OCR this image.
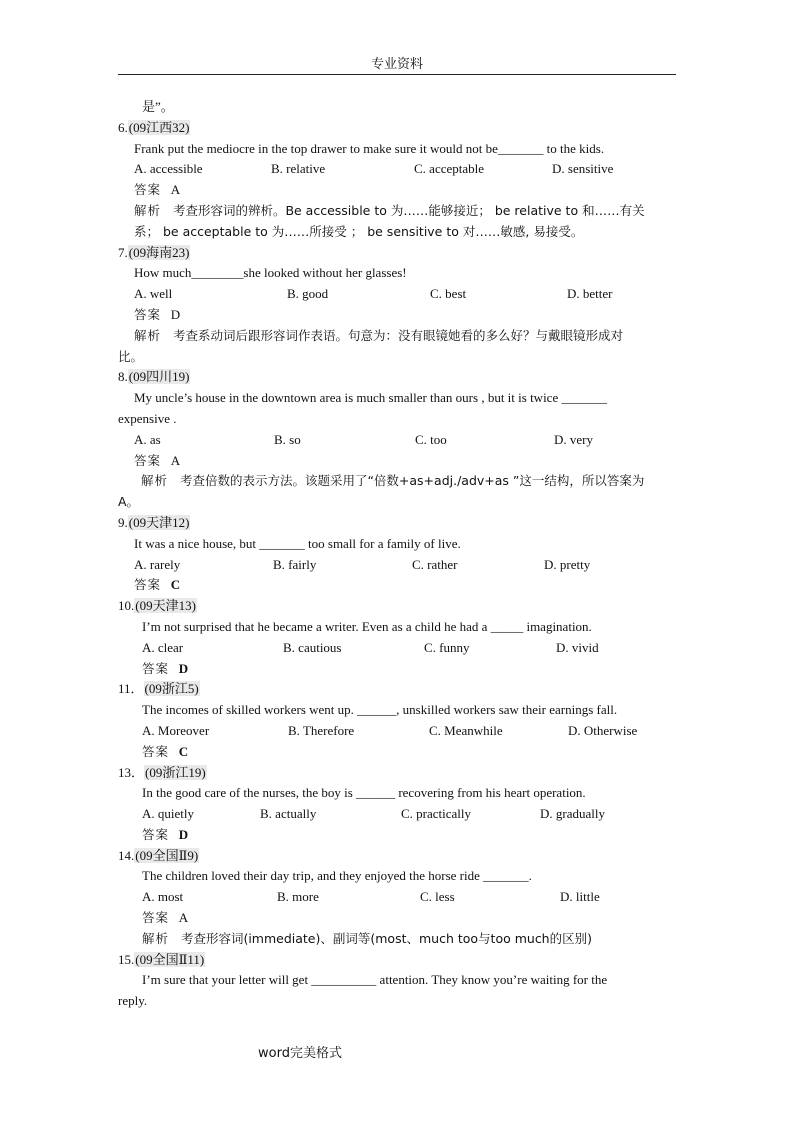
专业资料
是”。
6.(09江西32)
Frank put the mediocre in the top drawer to make sure it would not be_______ to the kids.
A. accessible	B. relative	C. acceptable	D. sensitive
答案 A
解析 考查形容词的辨析。Be accessible to 为……能够接近； be relative to 和……有关
系； be acceptable to 为……所接受 ； be sensitive to 对……敏感, 易接受。
7.(09海南23)
How much________she looked without her glasses!
A. well	B. good	C. best	D. better
答案 D
解析 考查系动词后跟形容词作表语。句意为：没有眼镜她看的多么好？与戴眼镜形成对
比。
8.(09四川19)
My uncle’s house in the downtown area is much smaller than ours , but it is twice _______
expensive .
A. as	B. so	C. too	D. very
答案 A
解析 考查倍数的表示方法。该题采用了“倍数+as+adj./adv+as ”这一结构，所以答案为
A。
9.(09天津12)
It was a nice house, but _______ too small for a family of live.
A. rarely	B. fairly	C. rather	D. pretty
答案 C
10.(09天津13)
I’m not surprised that he became a writer. Even as a child he had a _____ imagination.
A. clear	B. cautious	C. funny	D. vivid
答案 D
11．(09浙江5)
The incomes of skilled workers went up. ______, unskilled workers saw their earnings fall.
A. Moreover	B. Therefore	C. Meanwhile	D. Otherwise
答案 C
13．(09浙江19)
In the good care of the nurses, the boy is ______ recovering from his heart operation.
A. quietly	B. actually	C. practically	D. gradually
答案 D
14.(09全国Ⅱ9)
The children loved their day trip, and they enjoyed the horse ride _______.
A. most	B. more	C. less	D. little
答案 A
解析 考查形容词(immediate)、副词等(most、much too与too much的区别)
15.(09全国Ⅱ11)
I’m sure that your letter will get __________ attention. They know you’re waiting for the
reply.
word完美格式
